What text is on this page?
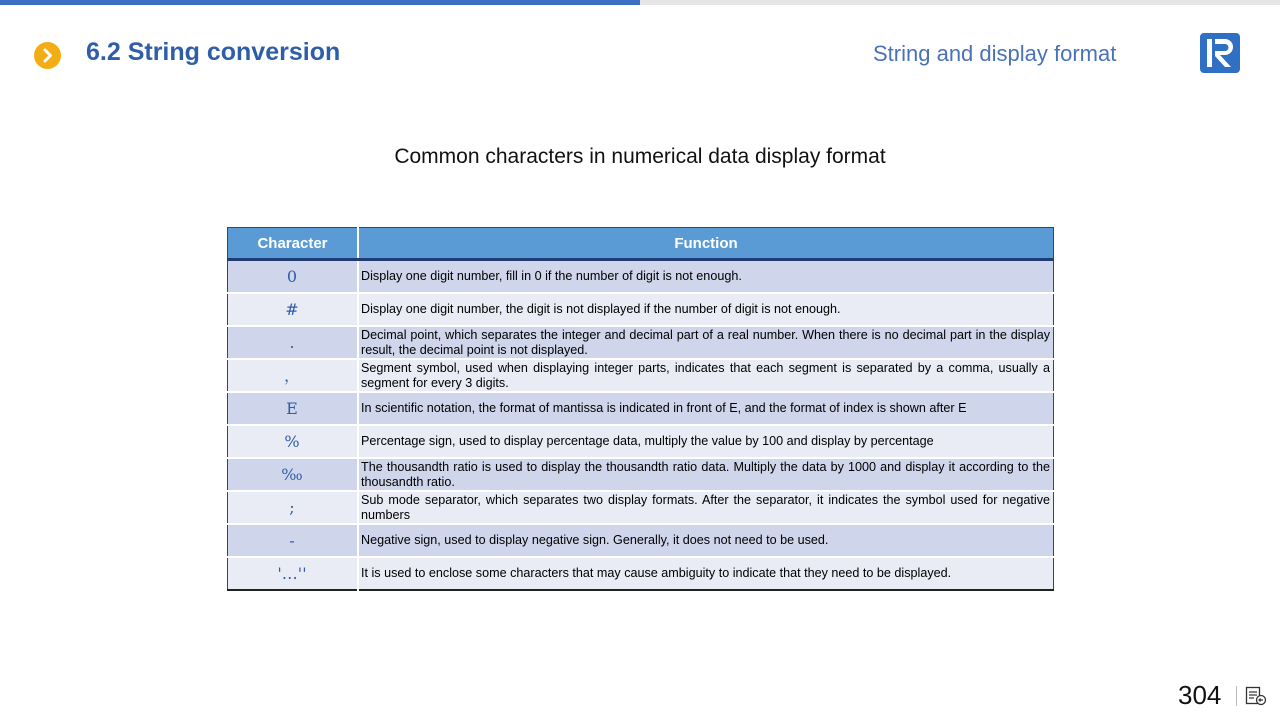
6.2 String conversion	String and display format
Common characters in numerical data display format
Character	Function
0	Display one digit number, fill in 0 if the number of digit is not enough.
#	Display one digit number, the digit is not displayed if the number of digit is not enough.
.	Decimal point, which separates the integer and decimal part of a real number. When there is no decimal part in the display result, the decimal point is not displayed.
，	Segment symbol, used when displaying integer parts, indicates that each segment is separated by a comma, usually a segment for every 3 digits.
E	In scientific notation, the format of mantissa is indicated in front of E, and the format of index is shown after E
%	Percentage sign, used to display percentage data, multiply the value by 100 and display by percentage
‰	The thousandth ratio is used to display the thousandth ratio data. Multiply the data by 1000 and display it according to the thousandth ratio.
;	Sub mode separator, which separates two display formats. After the separator, it indicates the symbol used for negative numbers
-	Negative sign, used to display negative sign. Generally, it does not need to be used.
'…''	It is used to enclose some characters that may cause ambiguity to indicate that they need to be displayed.
304
